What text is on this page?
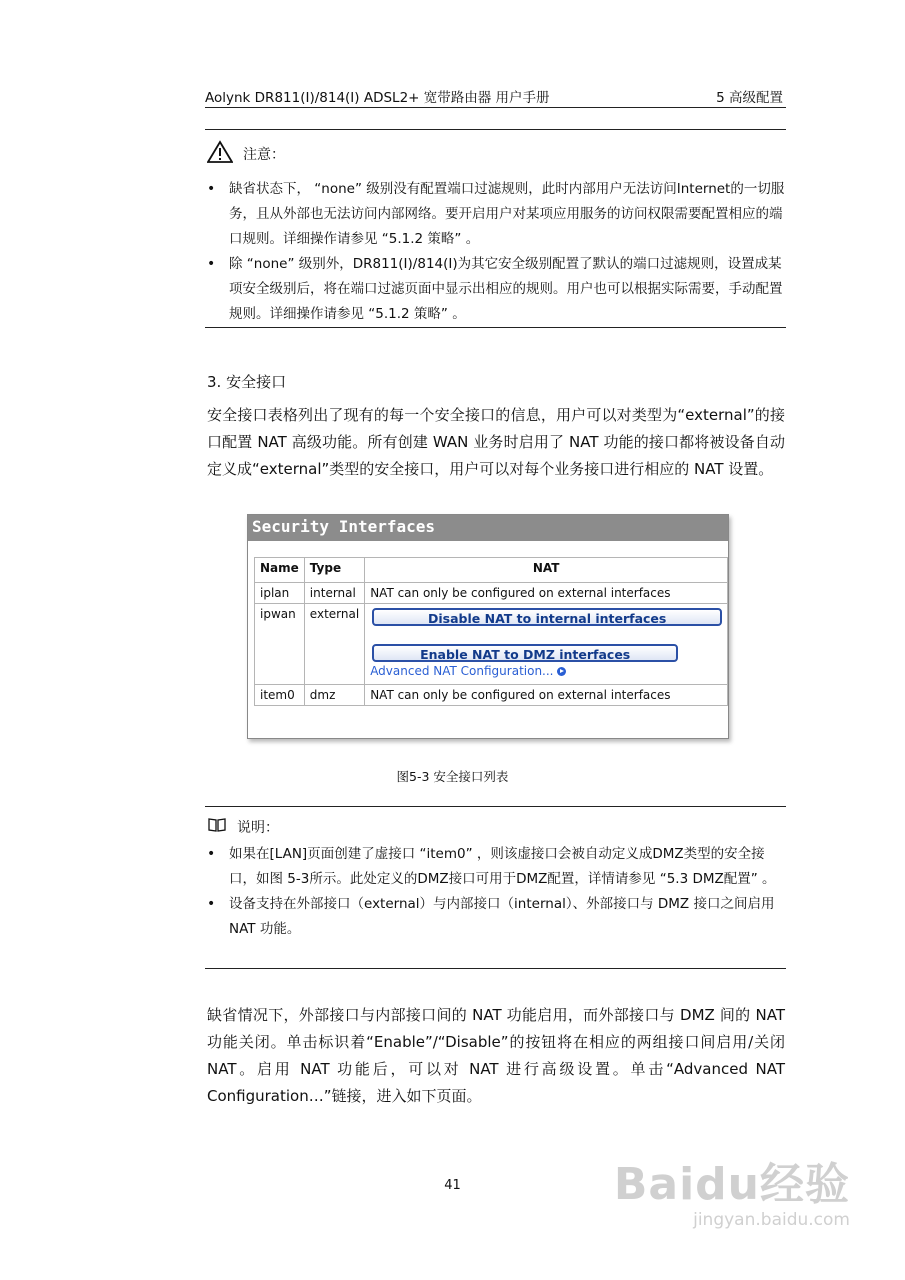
Aolynk DR811(I)/814(I) ADSL2+ 宽带路由器 用户手册	5 高级配置
注意：
• 缺省状态下， “none” 级别没有配置端口过滤规则，此时内部用户无法访问Internet的一切服务，且从外部也无法访问内部网络。要开启用户对某项应用服务的访问权限需要配置相应的端口规则。详细操作请参见 “5.1.2 策略” 。
• 除 “none” 级别外，DR811(I)/814(I)为其它安全级别配置了默认的端口过滤规则，设置成某项安全级别后，将在端口过滤页面中显示出相应的规则。用户也可以根据实际需要，手动配置规则。详细操作请参见 “5.1.2 策略” 。
3. 安全接口
安全接口表格列出了现有的每一个安全接口的信息，用户可以对类型为“external”的接口配置 NAT 高级功能。所有创建 WAN 业务时启用了 NAT 功能的接口都将被设备自动定义成“external”类型的安全接口，用户可以对每个业务接口进行相应的 NAT 设置。
Security Interfaces
Name	Type	NAT
iplan	internal	NAT can only be configured on external interfaces
ipwan	external	Disable NAT to internal interfaces
Enable NAT to DMZ interfaces
Advanced NAT Configuration...

item0	dmz	NAT can only be configured on external interfaces
图5-3 安全接口列表
说明：
• 如果在[LAN]页面创建了虚接口 “item0” ，则该虚接口会被自动定义成DMZ类型的安全接口，如图 5-3所示。此处定义的DMZ接口可用于DMZ配置，详情请参见 “5.3 DMZ配置” 。
• 设备支持在外部接口（external）与内部接口（internal）、外部接口与 DMZ 接口之间启用 NAT 功能。
缺省情况下，外部接口与内部接口间的 NAT 功能启用，而外部接口与 DMZ 间的 NAT 功能关闭。单击标识着“Enable”/“Disable”的按钮将在相应的两组接口间启用/关闭 NAT。启用 NAT 功能后，可以对 NAT 进行高级设置。单击“Advanced NAT Configuration…”链接，进入如下页面。
41	Baidu经验
jingyan.baidu.com
